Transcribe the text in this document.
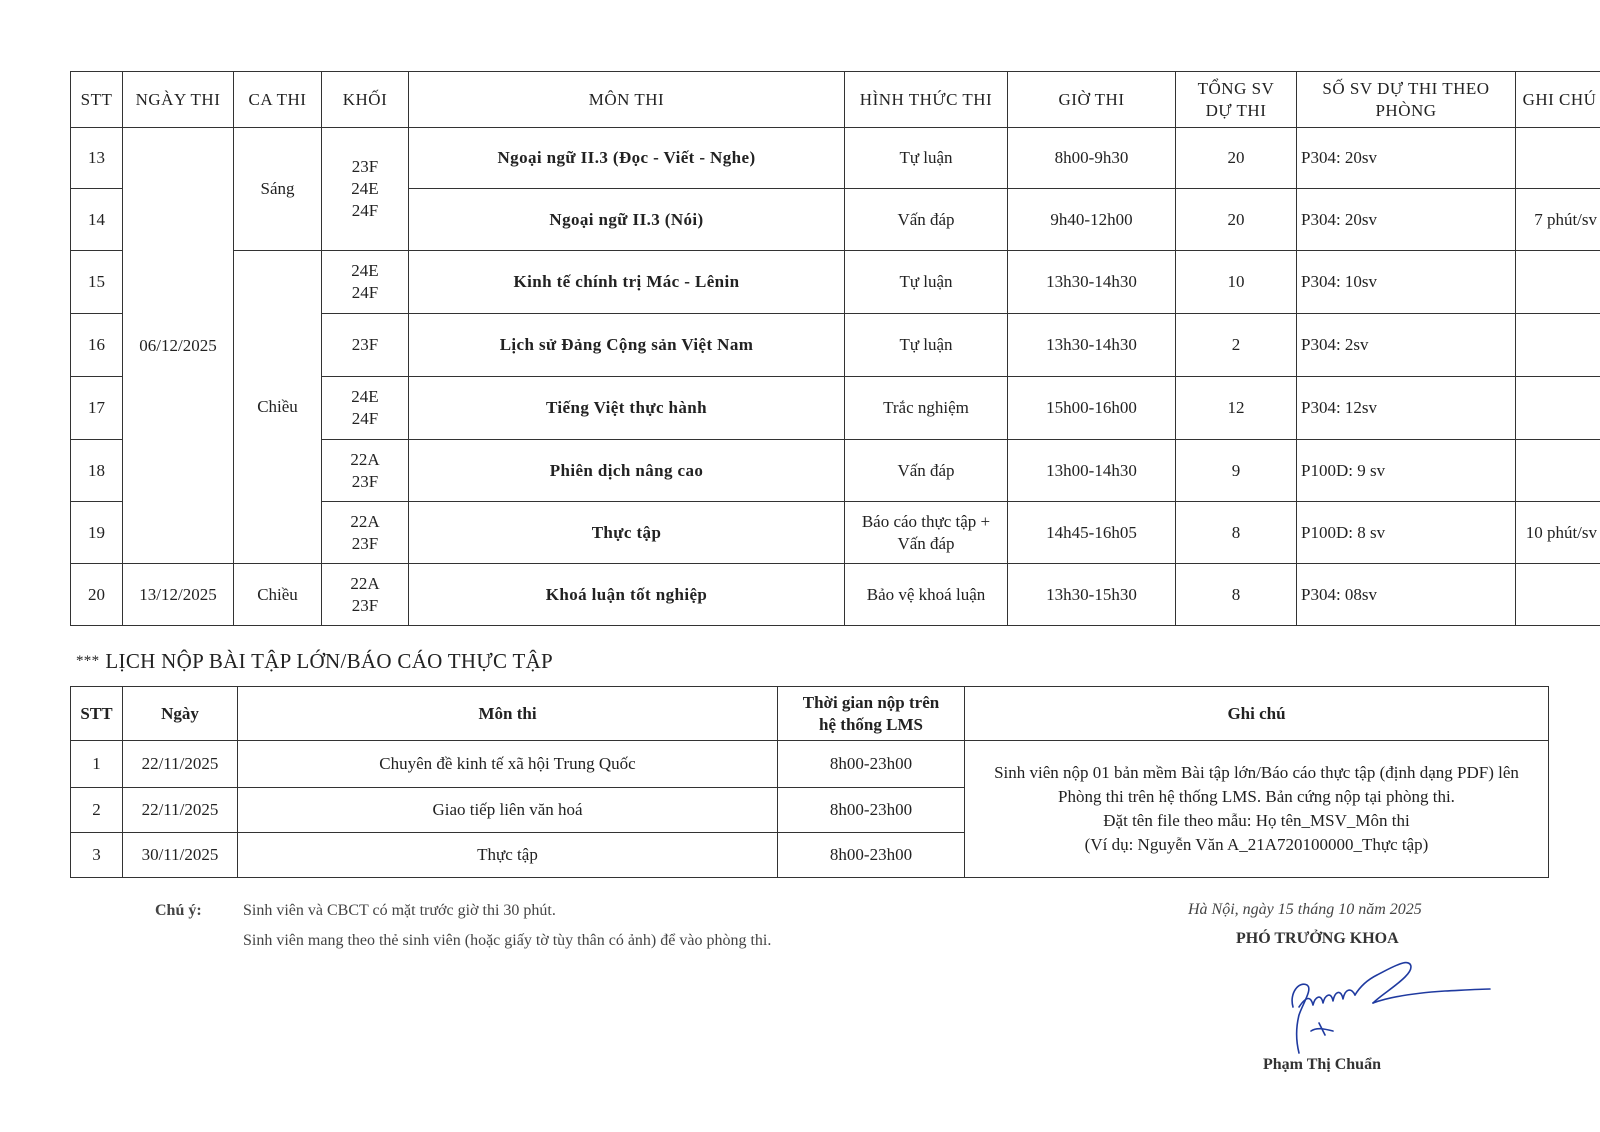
STT	NGÀY THI	CA THI	KHỐI	MÔN THI	HÌNH THỨC THI	GIỜ THI	TỔNG SV
DỰ THI	SỐ SV DỰ THI THEO
PHÒNG	GHI CHÚ
13	06/12/2025	Sáng	23F
24E
24F	Ngoại ngữ II.3 (Đọc - Viết - Nghe)	Tự luận	8h00-9h30	20	P304: 20sv	
14				Ngoại ngữ II.3 (Nói)	Vấn đáp	9h40-12h00	20	P304: 20sv	7 phút/sv
15		Chiều	24E
24F	Kinh tế chính trị Mác - Lênin	Tự luận	13h30-14h30	10	P304: 10sv	
16			23F	Lịch sử Đảng Cộng sản Việt Nam	Tự luận	13h30-14h30	2	P304: 2sv	
17			24E
24F	Tiếng Việt thực hành	Trắc nghiệm	15h00-16h00	12	P304: 12sv	
18			22A
23F	Phiên dịch nâng cao	Vấn đáp	13h00-14h30	9	P100D: 9 sv	
19			22A
23F	Thực tập	Báo cáo thực tập +
Vấn đáp	14h45-16h05	8	P100D: 8 sv	10 phút/sv
20	13/12/2025	Chiều	22A
23F	Khoá luận tốt nghiệp	Bảo vệ khoá luận	13h30-15h30	8	P304: 08sv	
*** LỊCH NỘP BÀI TẬP LỚN/BÁO CÁO THỰC TẬP
STT	Ngày	Môn thi	Thời gian nộp trên
hệ thống LMS	Ghi chú
1	22/11/2025	Chuyên đề kinh tế xã hội Trung Quốc	8h00-23h00	Sinh viên nộp 01 bản mềm Bài tập lớn/Báo cáo thực tập (định dạng PDF) lên
Phòng thi trên hệ thống LMS. Bản cứng nộp tại phòng thi.
Đặt tên file theo mẫu: Họ tên_MSV_Môn thi
(Ví dụ: Nguyễn Văn A_21A720100000_Thực tập)

2	22/11/2025	Giao tiếp liên văn hoá	8h00-23h00	
3	30/11/2025	Thực tập	8h00-23h00	
Chú ý:	Sinh viên và CBCT có mặt trước giờ thi 30 phút.
Sinh viên mang theo thẻ sinh viên (hoặc giấy tờ tùy thân có ảnh) để vào phòng thi.
Hà Nội, ngày 15 tháng 10 năm 2025
PHÓ TRƯỞNG KHOA
Phạm Thị Chuẩn
